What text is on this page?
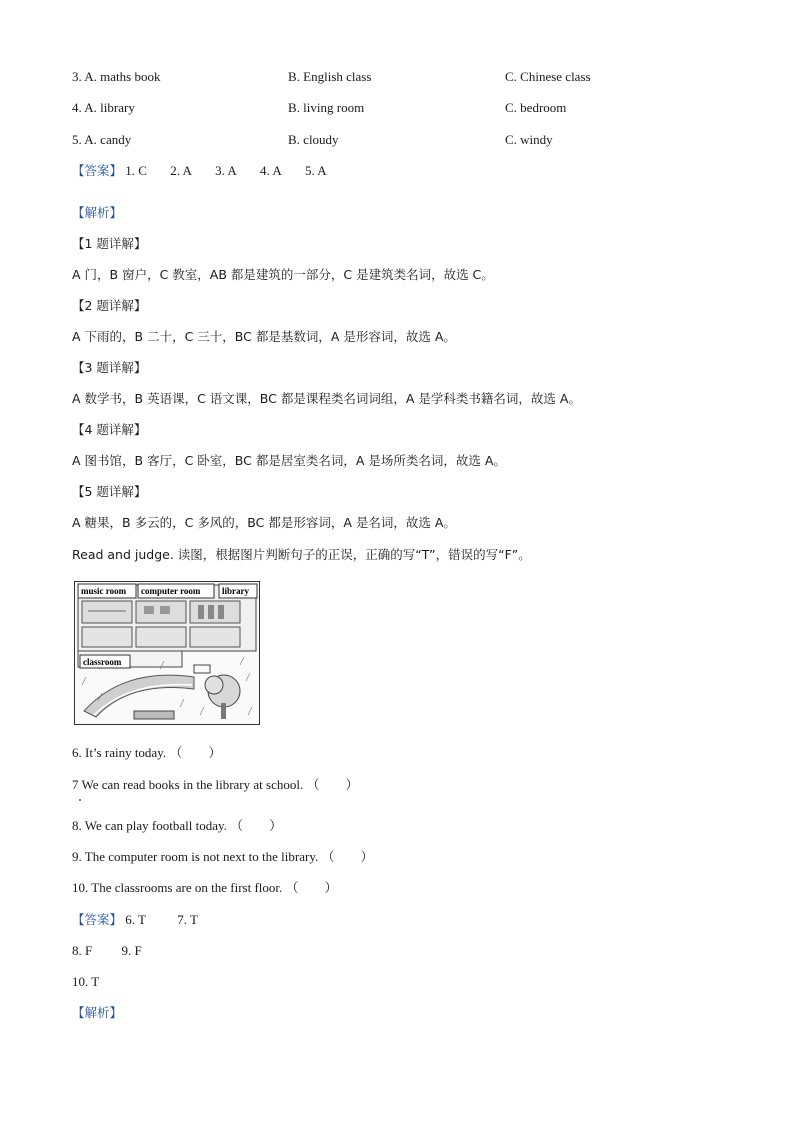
3. A. maths book	B. English class	C. Chinese class
4. A. library	B. living room	C. bedroom
5. A. candy	B. cloudy	C. windy
【答案】 1. C 2. A 3. A 4. A 5. A
【解析】
【1 题详解】
A 门，B 窗户，C 教室，AB 都是建筑的一部分，C 是建筑类名词，故选 C。
【2 题详解】
A 下雨的，B 二十，C 三十，BC 都是基数词，A 是形容词，故选 A。
【3 题详解】
A 数学书，B 英语课，C 语文课，BC 都是课程类名词词组，A 是学科类书籍名词，故选 A。
【4 题详解】
A 图书馆，B 客厅，C 卧室，BC 都是居室类名词，A 是场所类名词，故选 A。
【5 题详解】
A 糖果，B 多云的，C 多风的，BC 都是形容词，A 是名词，故选 A。
Read and judge. 读图，根据图片判断句子的正误，正确的写“T”，错误的写“F”。
music room computer room library
classroom
6. It’s rainy today. （　　）
7 We can read books in the library at school. （　　）
8. We can play football today. （　　）
9. The computer room is not next to the library. （　　）
10. The classrooms are on the first floor. （　　）
【答案】 6. T 7. T
8. F 9. F
10. T
【解析】
